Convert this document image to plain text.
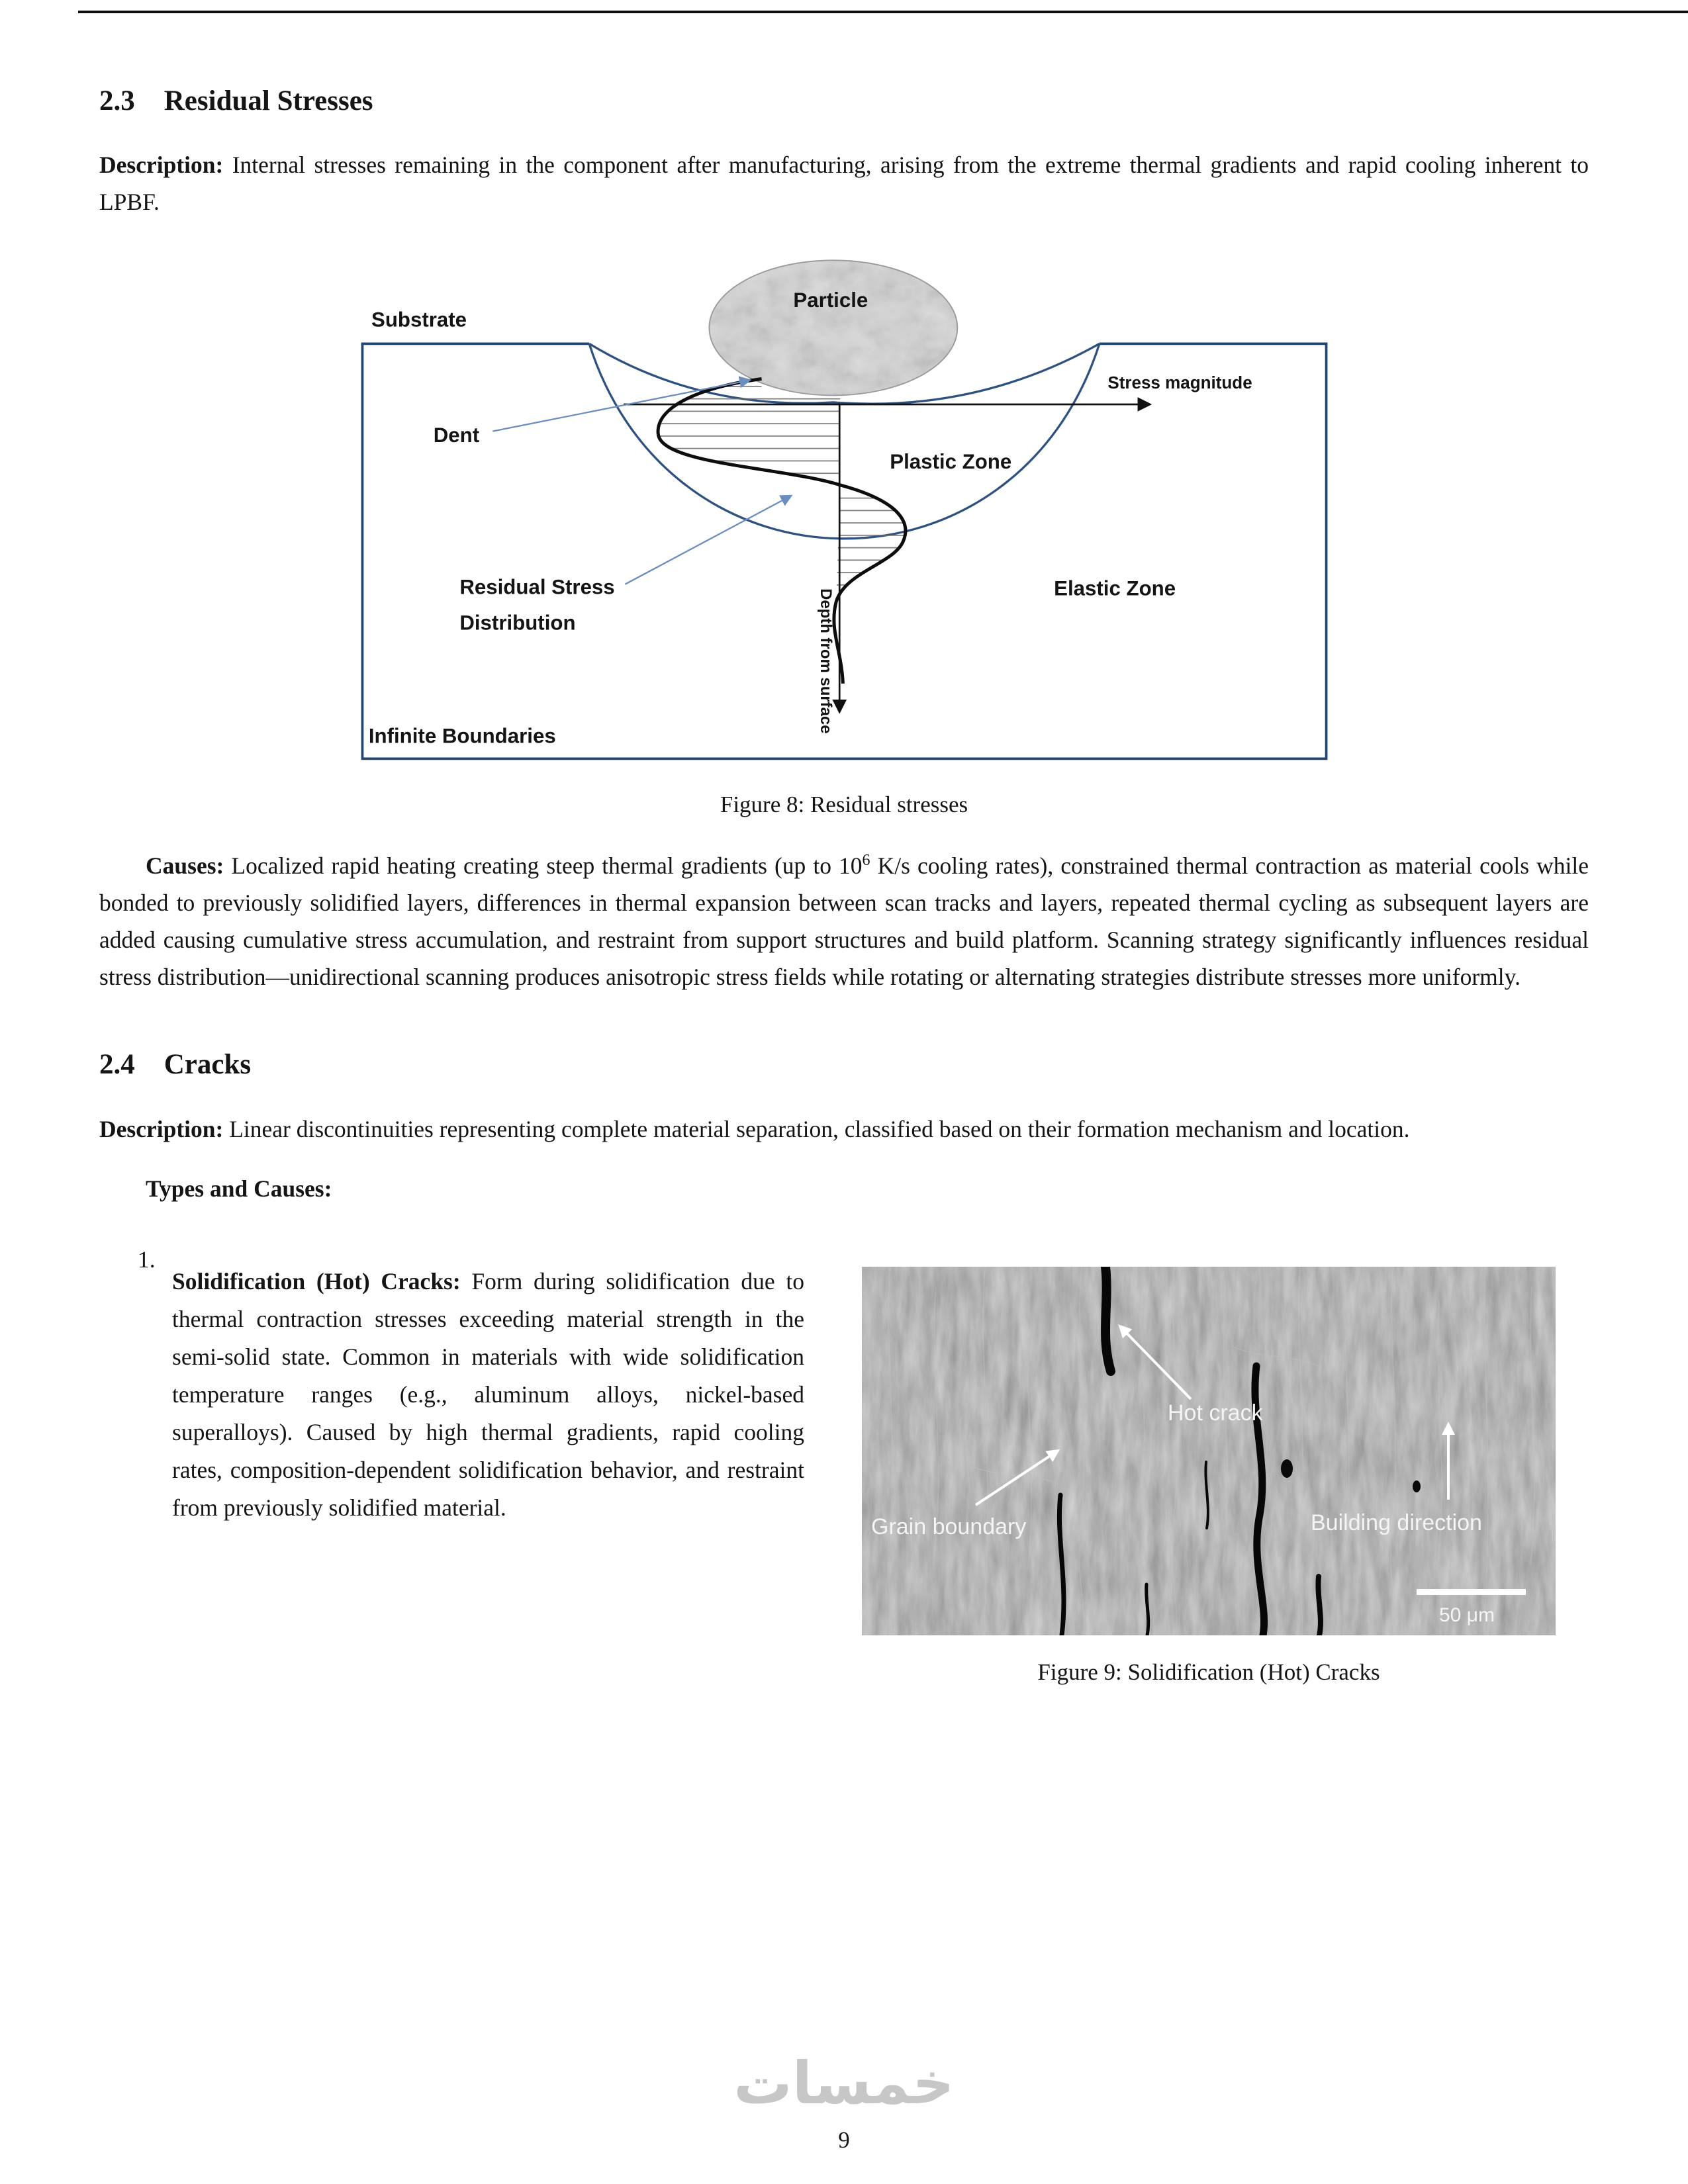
2.3 Residual Stresses

Description: Internal stresses remaining in the component after manufacturing, arising from the extreme thermal gradients and rapid cooling inherent to LPBF.

Substrate
Particle
Stress magnitude
Dent
Plastic Zone
Residual Stress
Distribution
Elastic Zone
Depth from surface
Infinite Boundaries
Figure 8: Residual stresses

Causes: Localized rapid heating creating steep thermal gradients (up to $10^6$ K/s cooling rates), constrained thermal contraction as material cools while bonded to previously solidified layers, differences in thermal expansion between scan tracks and layers, repeated thermal cycling as subsequent layers are added causing cumulative stress accumulation, and restraint from support structures and build platform. Scanning strategy significantly influences residual stress distribution—unidirectional scanning produces anisotropic stress fields while rotating or alternating strategies distribute stresses more uniformly.

2.4 Cracks

Description: Linear discontinuities representing complete material separation, classified based on their formation mechanism and location.

Types and Causes:

1.
Solidification (Hot) Cracks: Form during solidification due to thermal contraction stresses exceeding material strength in the semi-solid state. Common in materials with wide solidification temperature ranges (e.g., aluminum alloys, nickel-based superalloys). Caused by high thermal gradients, rapid cooling rates, composition-dependent solidification behavior, and restraint from previously solidified material.
Hot crack
Grain boundary	Building direction
50 μm
Figure 9: Solidification (Hot) Cracks
خمسات
9
